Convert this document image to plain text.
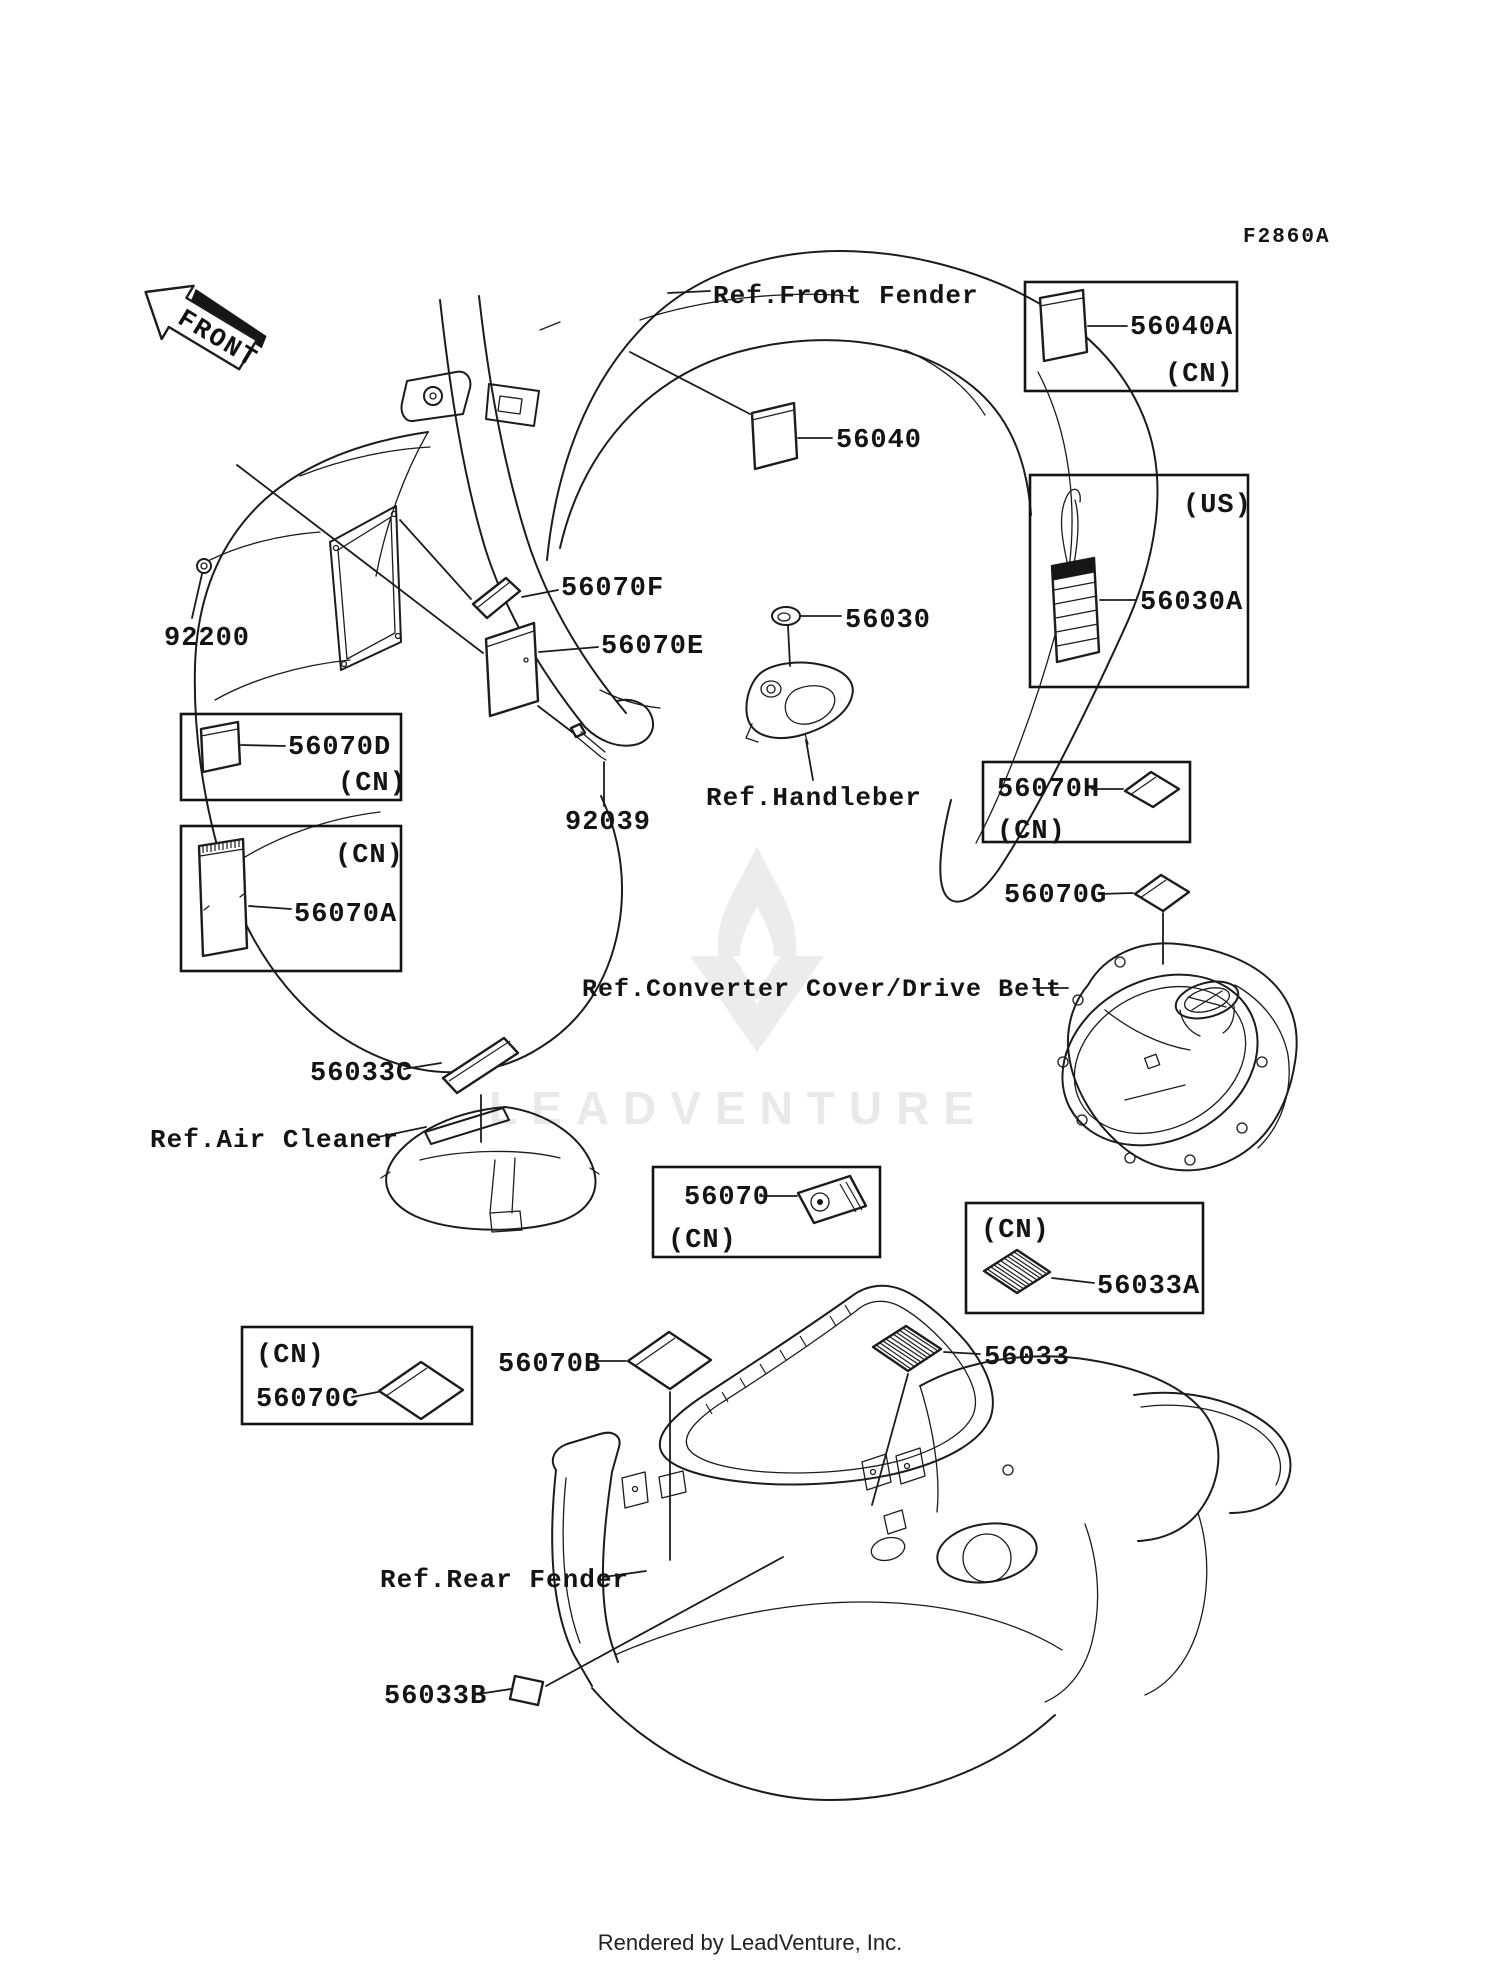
LEADVENTURE
FRONT
F2860A
Ref.Front Fender
56040
56040A
(CN)
(US)
56030A
92200
56070F
56070E
56070D
(CN)
(CN)
56070A
92039
56030
Ref.Handleber	56070H
(CN)
56070G
Ref.Converter Cover/Drive Belt
56033C
Ref.Air Cleaner
56070
(CN)	(CN)
56033A
(CN)
56070C
56070B	56033
Ref.Rear Fender
56033B
Rendered by LeadVenture, Inc.
